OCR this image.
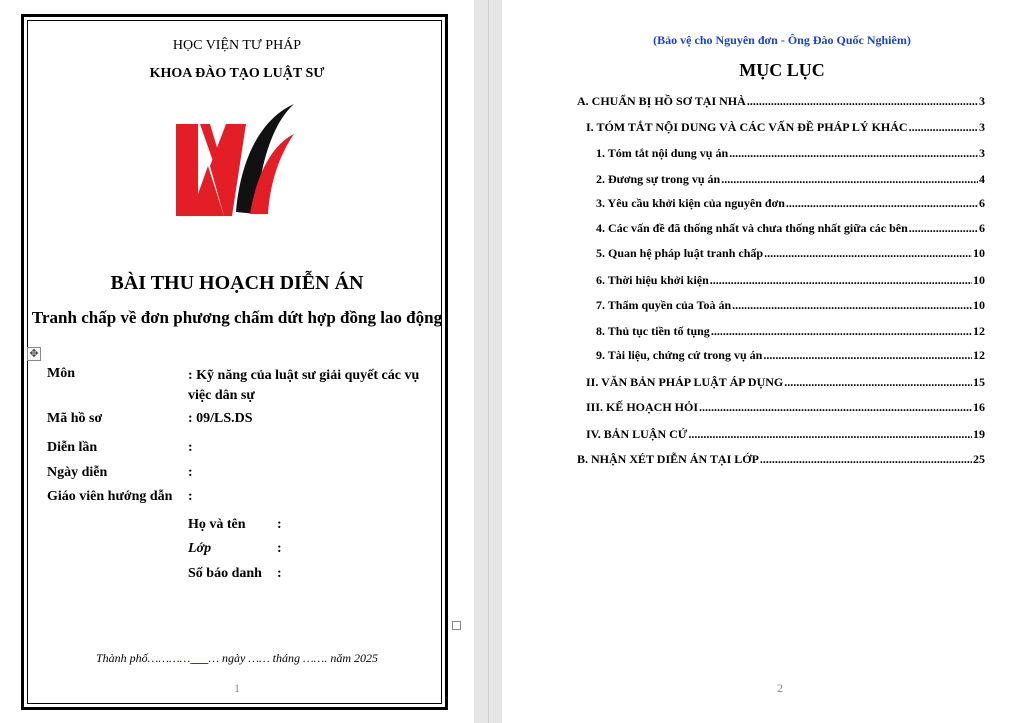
HỌC VIỆN TƯ PHÁP
KHOA ĐÀO TẠO LUẬT SƯ
BÀI THU HOẠCH DIỄN ÁN
Tranh chấp về đơn phương chấm dứt hợp đồng lao động
✥
Môn	: Kỹ năng của luật sư giải quyết các vụ việc dân sự
Mã hồ sơ	: 09/LS.DS
Diễn lần	:
Ngày diễn	:
Giáo viên hướng dẫn :
Họ và tên :
Lớp	:
Số báo danh :
Thành phố…………___… ngày …… tháng ……. năm 2025
1
(Bảo vệ cho Nguyên đơn - Ông Đào Quốc Nghiêm)
MỤC LỤC
A. CHUẨN BỊ HỒ SƠ TẠI NHÀ .....	3
I. TÓM TẮT NỘI DUNG VÀ CÁC VẤN ĐỀ PHÁP LÝ KHÁC .....	3
1. Tóm tắt nội dung vụ án .....	3
2. Đương sự trong vụ án .....	4
3. Yêu cầu khởi kiện của nguyên đơn .....	6
4. Các vấn đề đã thống nhất và chưa thống nhất giữa các bên .....	6
5. Quan hệ pháp luật tranh chấp .....	10
6. Thời hiệu khởi kiện .....	10
7. Thẩm quyền của Toà án .....	10
8. Thủ tục tiền tố tụng .....	12
9. Tài liệu, chứng cứ trong vụ án .....	12
II. VĂN BẢN PHÁP LUẬT ÁP DỤNG .....	15
III. KẾ HOẠCH HỎI .....	16
IV. BẢN LUẬN CỨ .....	19
B. NHẬN XÉT DIỄN ÁN TẠI LỚP .....	25
2
